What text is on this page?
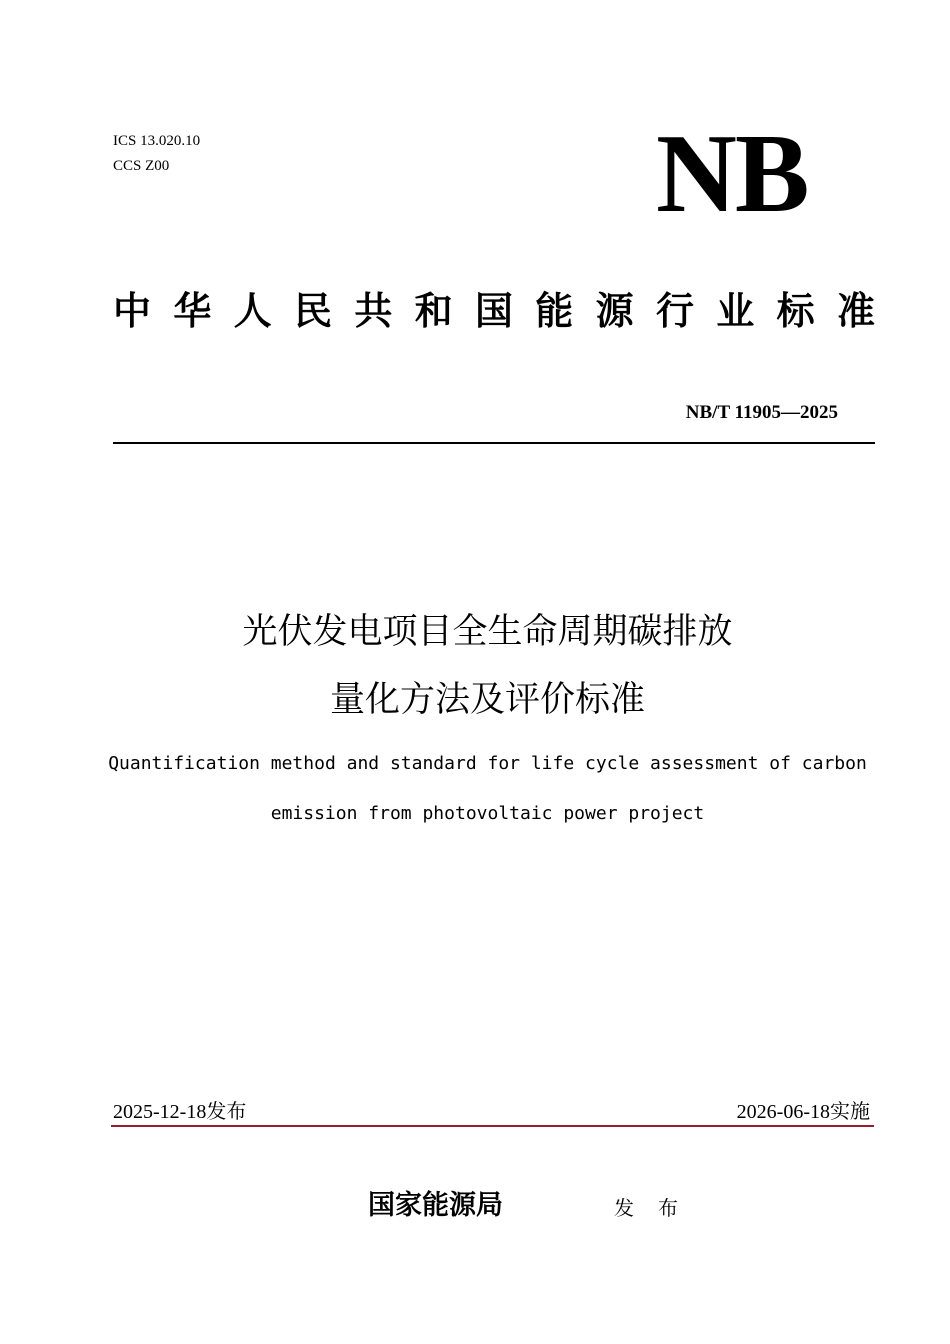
ICS 13.020.10
CCS Z00	NB
中 华 人 民 共 和 国 能 源 行 业 标 准
NB/T 11905—2025
光伏发电项目全生命周期碳排放
量化方法及评价标准
Quantification method and standard for life cycle assessment of carbon
emission from photovoltaic power project
2025-12-18发布	2026-06-18实施
国家能源局	发布
